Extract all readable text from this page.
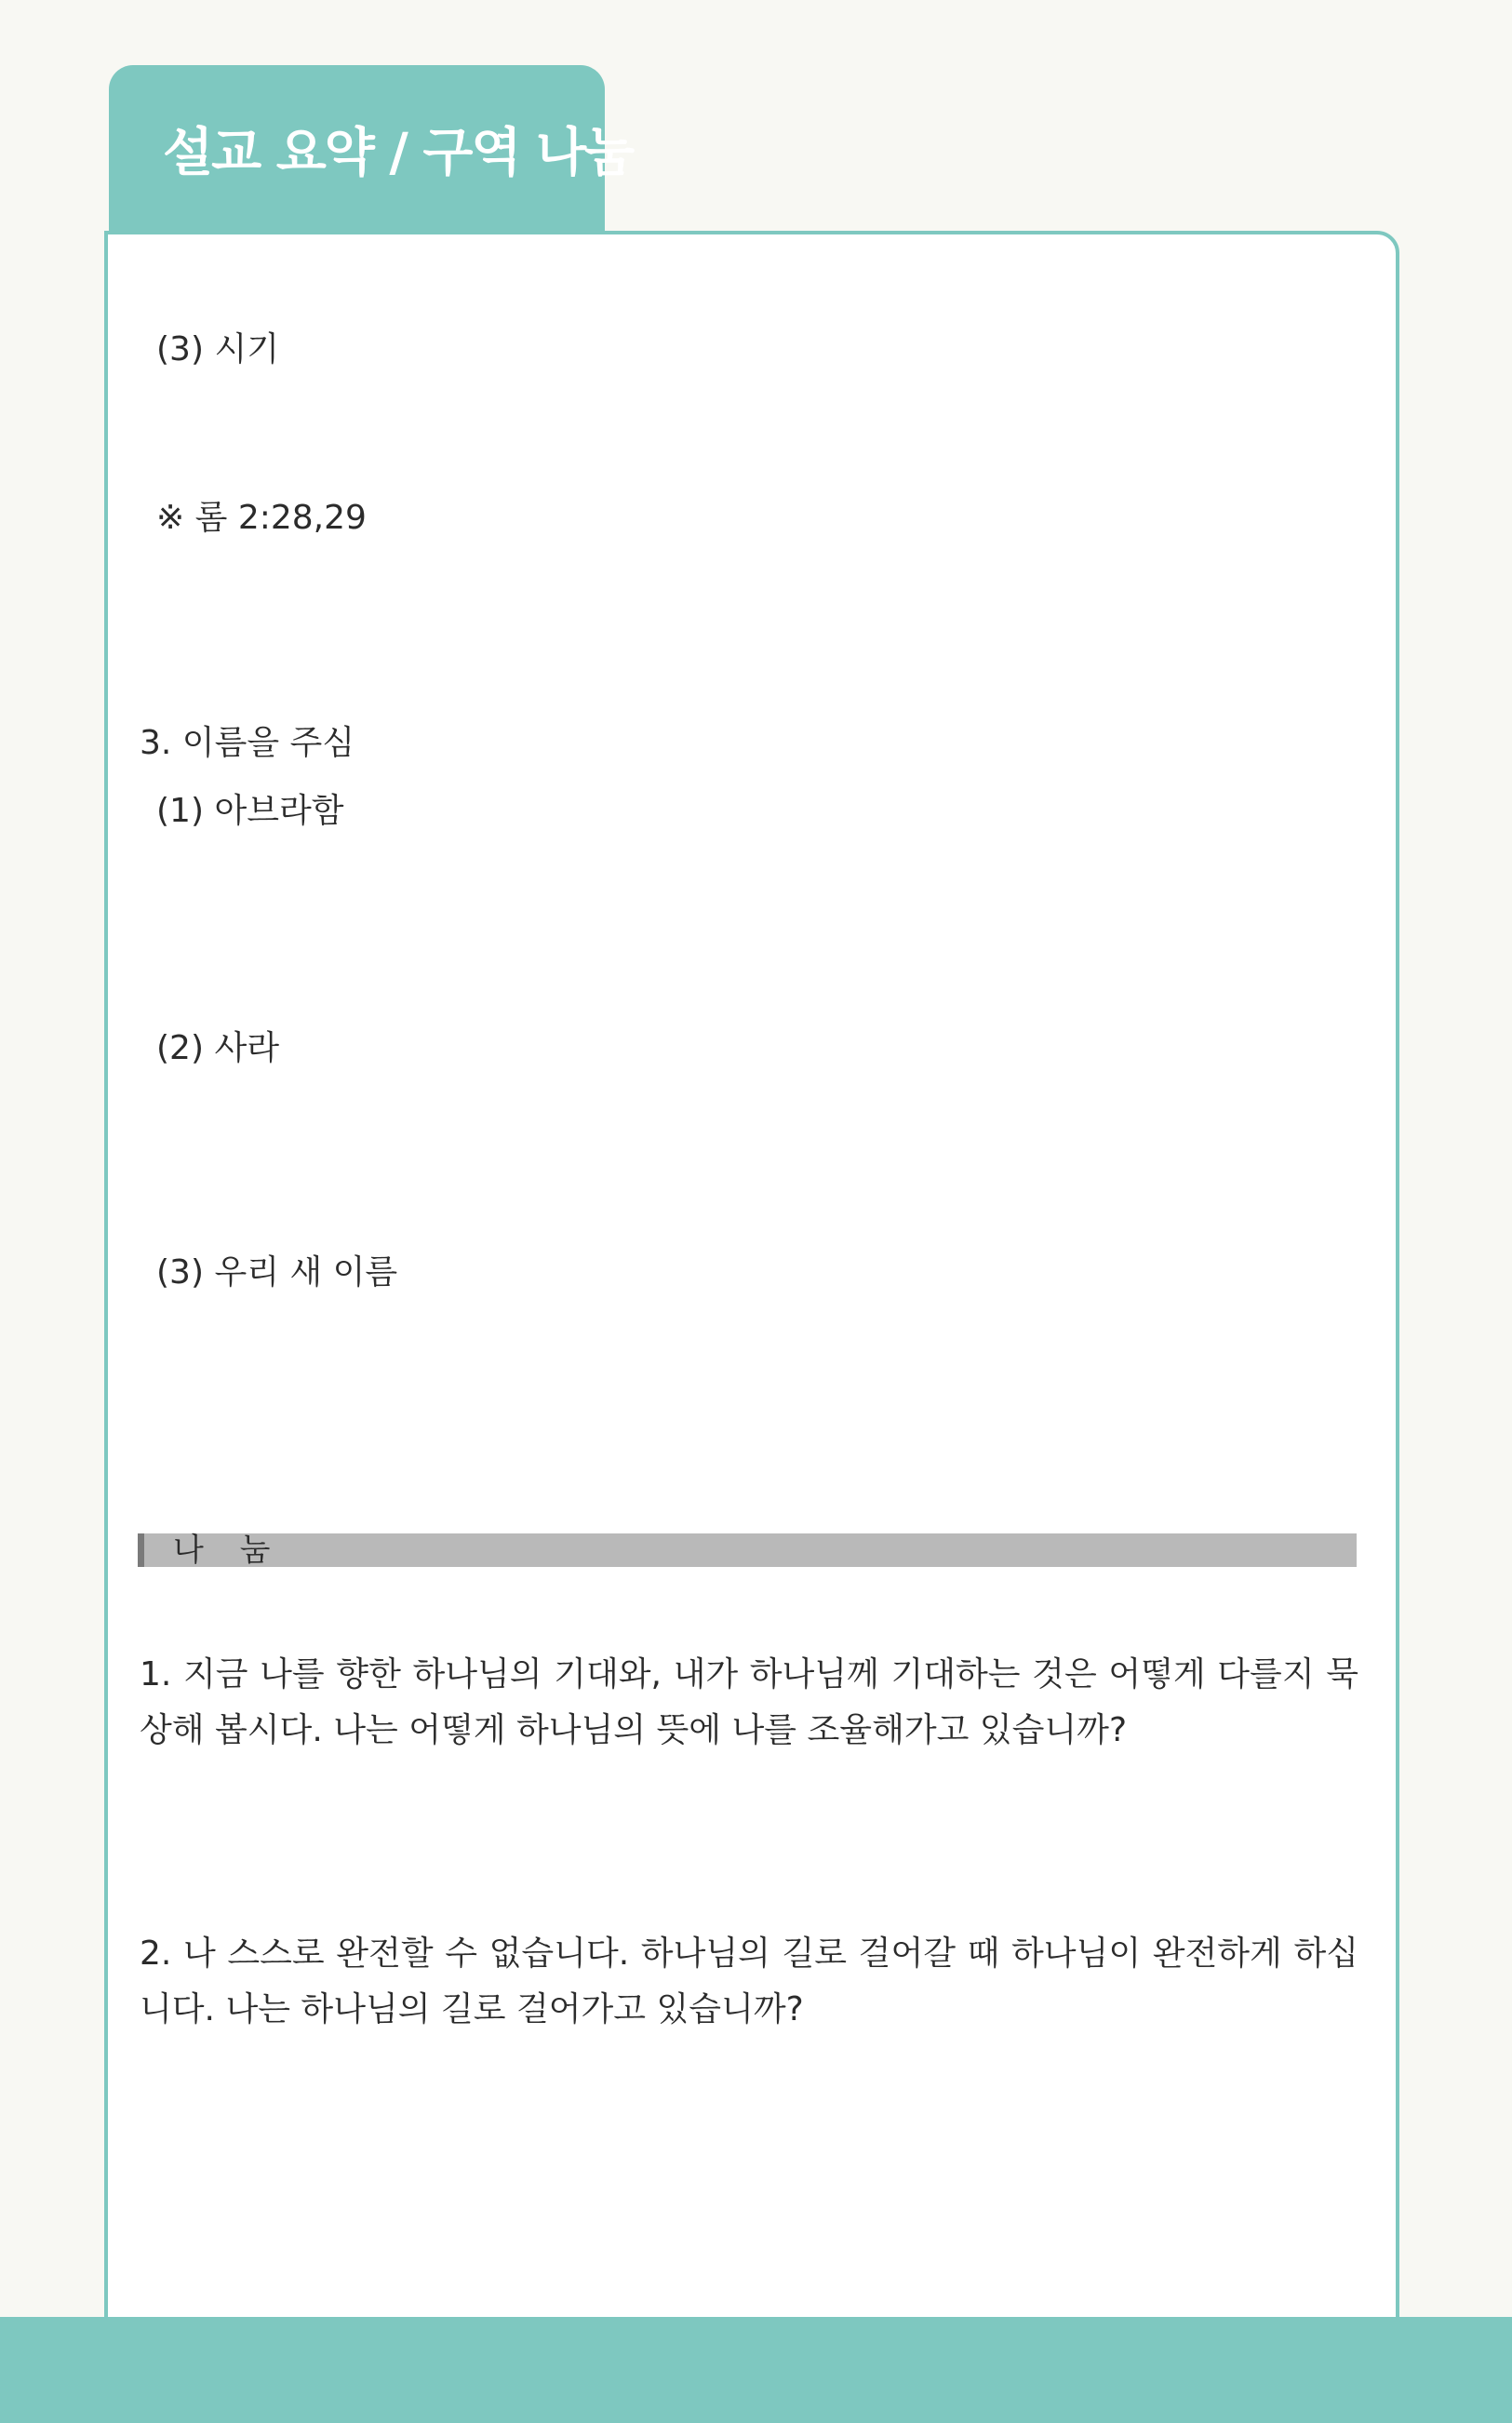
설교 요약 / 구역 나눔
(3) 시기
※ 롬 2:28,29
3. 이름을 주심
(1) 아브라함
(2) 사라
(3) 우리 새 이름
나 눔
1. 지금 나를 향한 하나님의 기대와, 내가 하나님께 기대하는 것은 어떻게 다를지 묵상해 봅시다. 나는 어떻게 하나님의 뜻에 나를 조율해가고 있습니까?
2. 나 스스로 완전할 수 없습니다. 하나님의 길로 걸어갈 때 하나님이 완전하게 하십니다. 나는 하나님의 길로 걸어가고 있습니까?
